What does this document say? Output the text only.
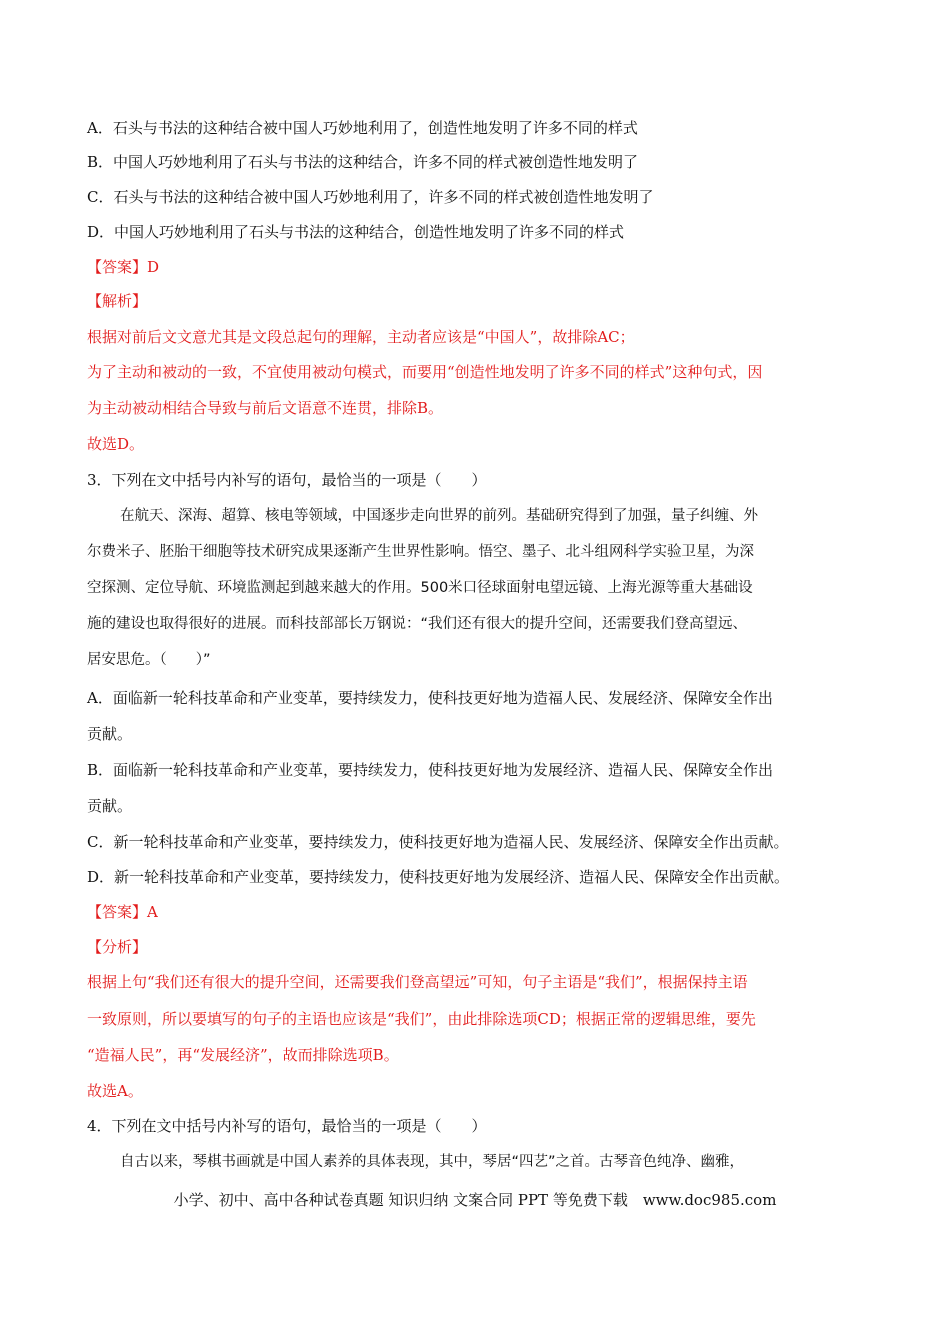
A．石头与书法的这种结合被中国人巧妙地利用了，创造性地发明了许多不同的样式
B．中国人巧妙地利用了石头与书法的这种结合，许多不同的样式被创造性地发明了
C．石头与书法的这种结合被中国人巧妙地利用了，许多不同的样式被创造性地发明了
D．中国人巧妙地利用了石头与书法的这种结合，创造性地发明了许多不同的样式
【答案】D
【解析】
根据对前后文文意尤其是文段总起句的理解，主动者应该是“中国人”，故排除AC；
为了主动和被动的一致，不宜使用被动句模式，而要用“创造性地发明了许多不同的样式”这种句式，因
为主动被动相结合导致与前后文语意不连贯，排除B。
故选D。
3．下列在文中括号内补写的语句，最恰当的一项是（　　）
在航天、深海、超算、核电等领域，中国逐步走向世界的前列。基础研究得到了加强，量子纠缠、外
尔费米子、胚胎干细胞等技术研究成果逐渐产生世界性影响。悟空、墨子、北斗组网科学实验卫星，为深
空探测、定位导航、环境监测起到越来越大的作用。500米口径球面射电望远镜、上海光源等重大基础设
施的建设也取得很好的进展。而科技部部长万钢说：“我们还有很大的提升空间，还需要我们登高望远、
居安思危。（　　）”
A．面临新一轮科技革命和产业变革，要持续发力，使科技更好地为造福人民、发展经济、保障安全作出
贡献。
B．面临新一轮科技革命和产业变革，要持续发力，使科技更好地为发展经济、造福人民、保障安全作出
贡献。
C．新一轮科技革命和产业变革，要持续发力，使科技更好地为造福人民、发展经济、保障安全作出贡献。
D．新一轮科技革命和产业变革，要持续发力，使科技更好地为发展经济、造福人民、保障安全作出贡献。
【答案】A
【分析】
根据上句“我们还有很大的提升空间，还需要我们登高望远”可知，句子主语是“我们”，根据保持主语
一致原则，所以要填写的句子的主语也应该是“我们”，由此排除选项CD；根据正常的逻辑思维，要先
“造福人民”，再“发展经济”，故而排除选项B。
故选A。
4．下列在文中括号内补写的语句，最恰当的一项是（　　）
自古以来，琴棋书画就是中国人素养的具体表现，其中，琴居“四艺”之首。古琴音色纯净、幽雅，
小学、初中、高中各种试卷真题 知识归纳 文案合同 PPT 等免费下载　www.doc985.com
